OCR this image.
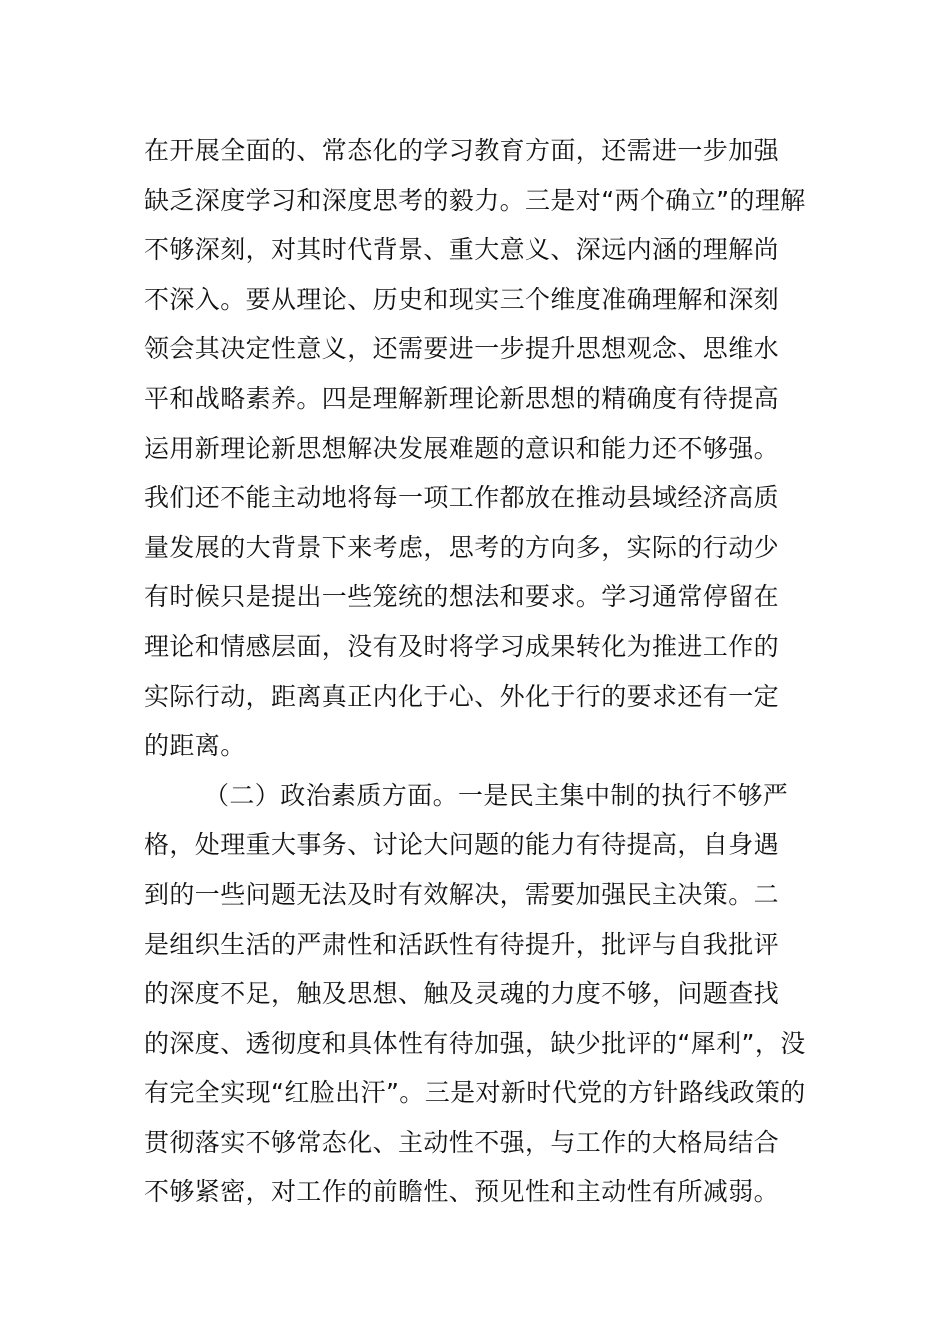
在开展全面的、常态化的学习教育方面，还需进一步加强
缺乏深度学习和深度思考的毅力。三是对“两个确立”的理解
不够深刻，对其时代背景、重大意义、深远内涵的理解尚
不深入。要从理论、历史和现实三个维度准确理解和深刻
领会其决定性意义，还需要进一步提升思想观念、思维水
平和战略素养。四是理解新理论新思想的精确度有待提高
运用新理论新思想解决发展难题的意识和能力还不够强。
我们还不能主动地将每一项工作都放在推动县域经济高质
量发展的大背景下来考虑，思考的方向多，实际的行动少
有时候只是提出一些笼统的想法和要求。学习通常停留在
理论和情感层面，没有及时将学习成果转化为推进工作的
实际行动，距离真正内化于心、外化于行的要求还有一定
的距离。
（二）政治素质方面。一是民主集中制的执行不够严
格，处理重大事务、讨论大问题的能力有待提高，自身遇
到的一些问题无法及时有效解决，需要加强民主决策。二
是组织生活的严肃性和活跃性有待提升，批评与自我批评
的深度不足，触及思想、触及灵魂的力度不够，问题查找
的深度、透彻度和具体性有待加强，缺少批评的“犀利”，没
有完全实现“红脸出汗”。三是对新时代党的方针路线政策的
贯彻落实不够常态化、主动性不强，与工作的大格局结合
不够紧密，对工作的前瞻性、预见性和主动性有所减弱。
